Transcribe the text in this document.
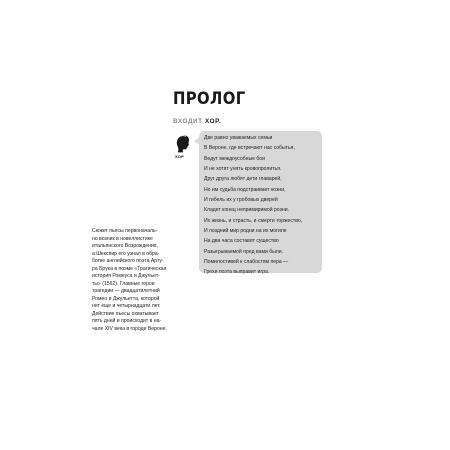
ПРОЛОГ
ВХОДИТ ХОР.
ХОР
Две равно уважаемых семьи
В Вероне, где встречают нас событья,
Ведут междоусобные бои
И не хотят унять кровопролитья.
Друг друга любят дети главарей,
Но им судьба подстраивает козни,
И гибель их у гробовых дверей
Кладет конец непримиримой розни.
Их жизнь, и страсть, и смерти торжество,
И поздний мир родни на их могиле
На два часа составят существо
Разыгрываемой пред вами были.
Помилостивей к слабостям пера —
Грехи поэта выправит игра.
Сюжет пьесы первоначаль-
но возник в новеллистике
итальянского Возрождения,
а Шекспир его узнал в обра-
ботке английского поэта Арту-
ра Брука в поэме «Трагическая
история Ромеуса и Джульет-
ты» (1562). Главные герои
трагедии — двадцатилетний
Ромео и Джульетта, которой
нет еще и четырнадцати лет.
Действие пьесы охватывает
пять дней и происходит в на-
чале XIV века в городе Вероне.
